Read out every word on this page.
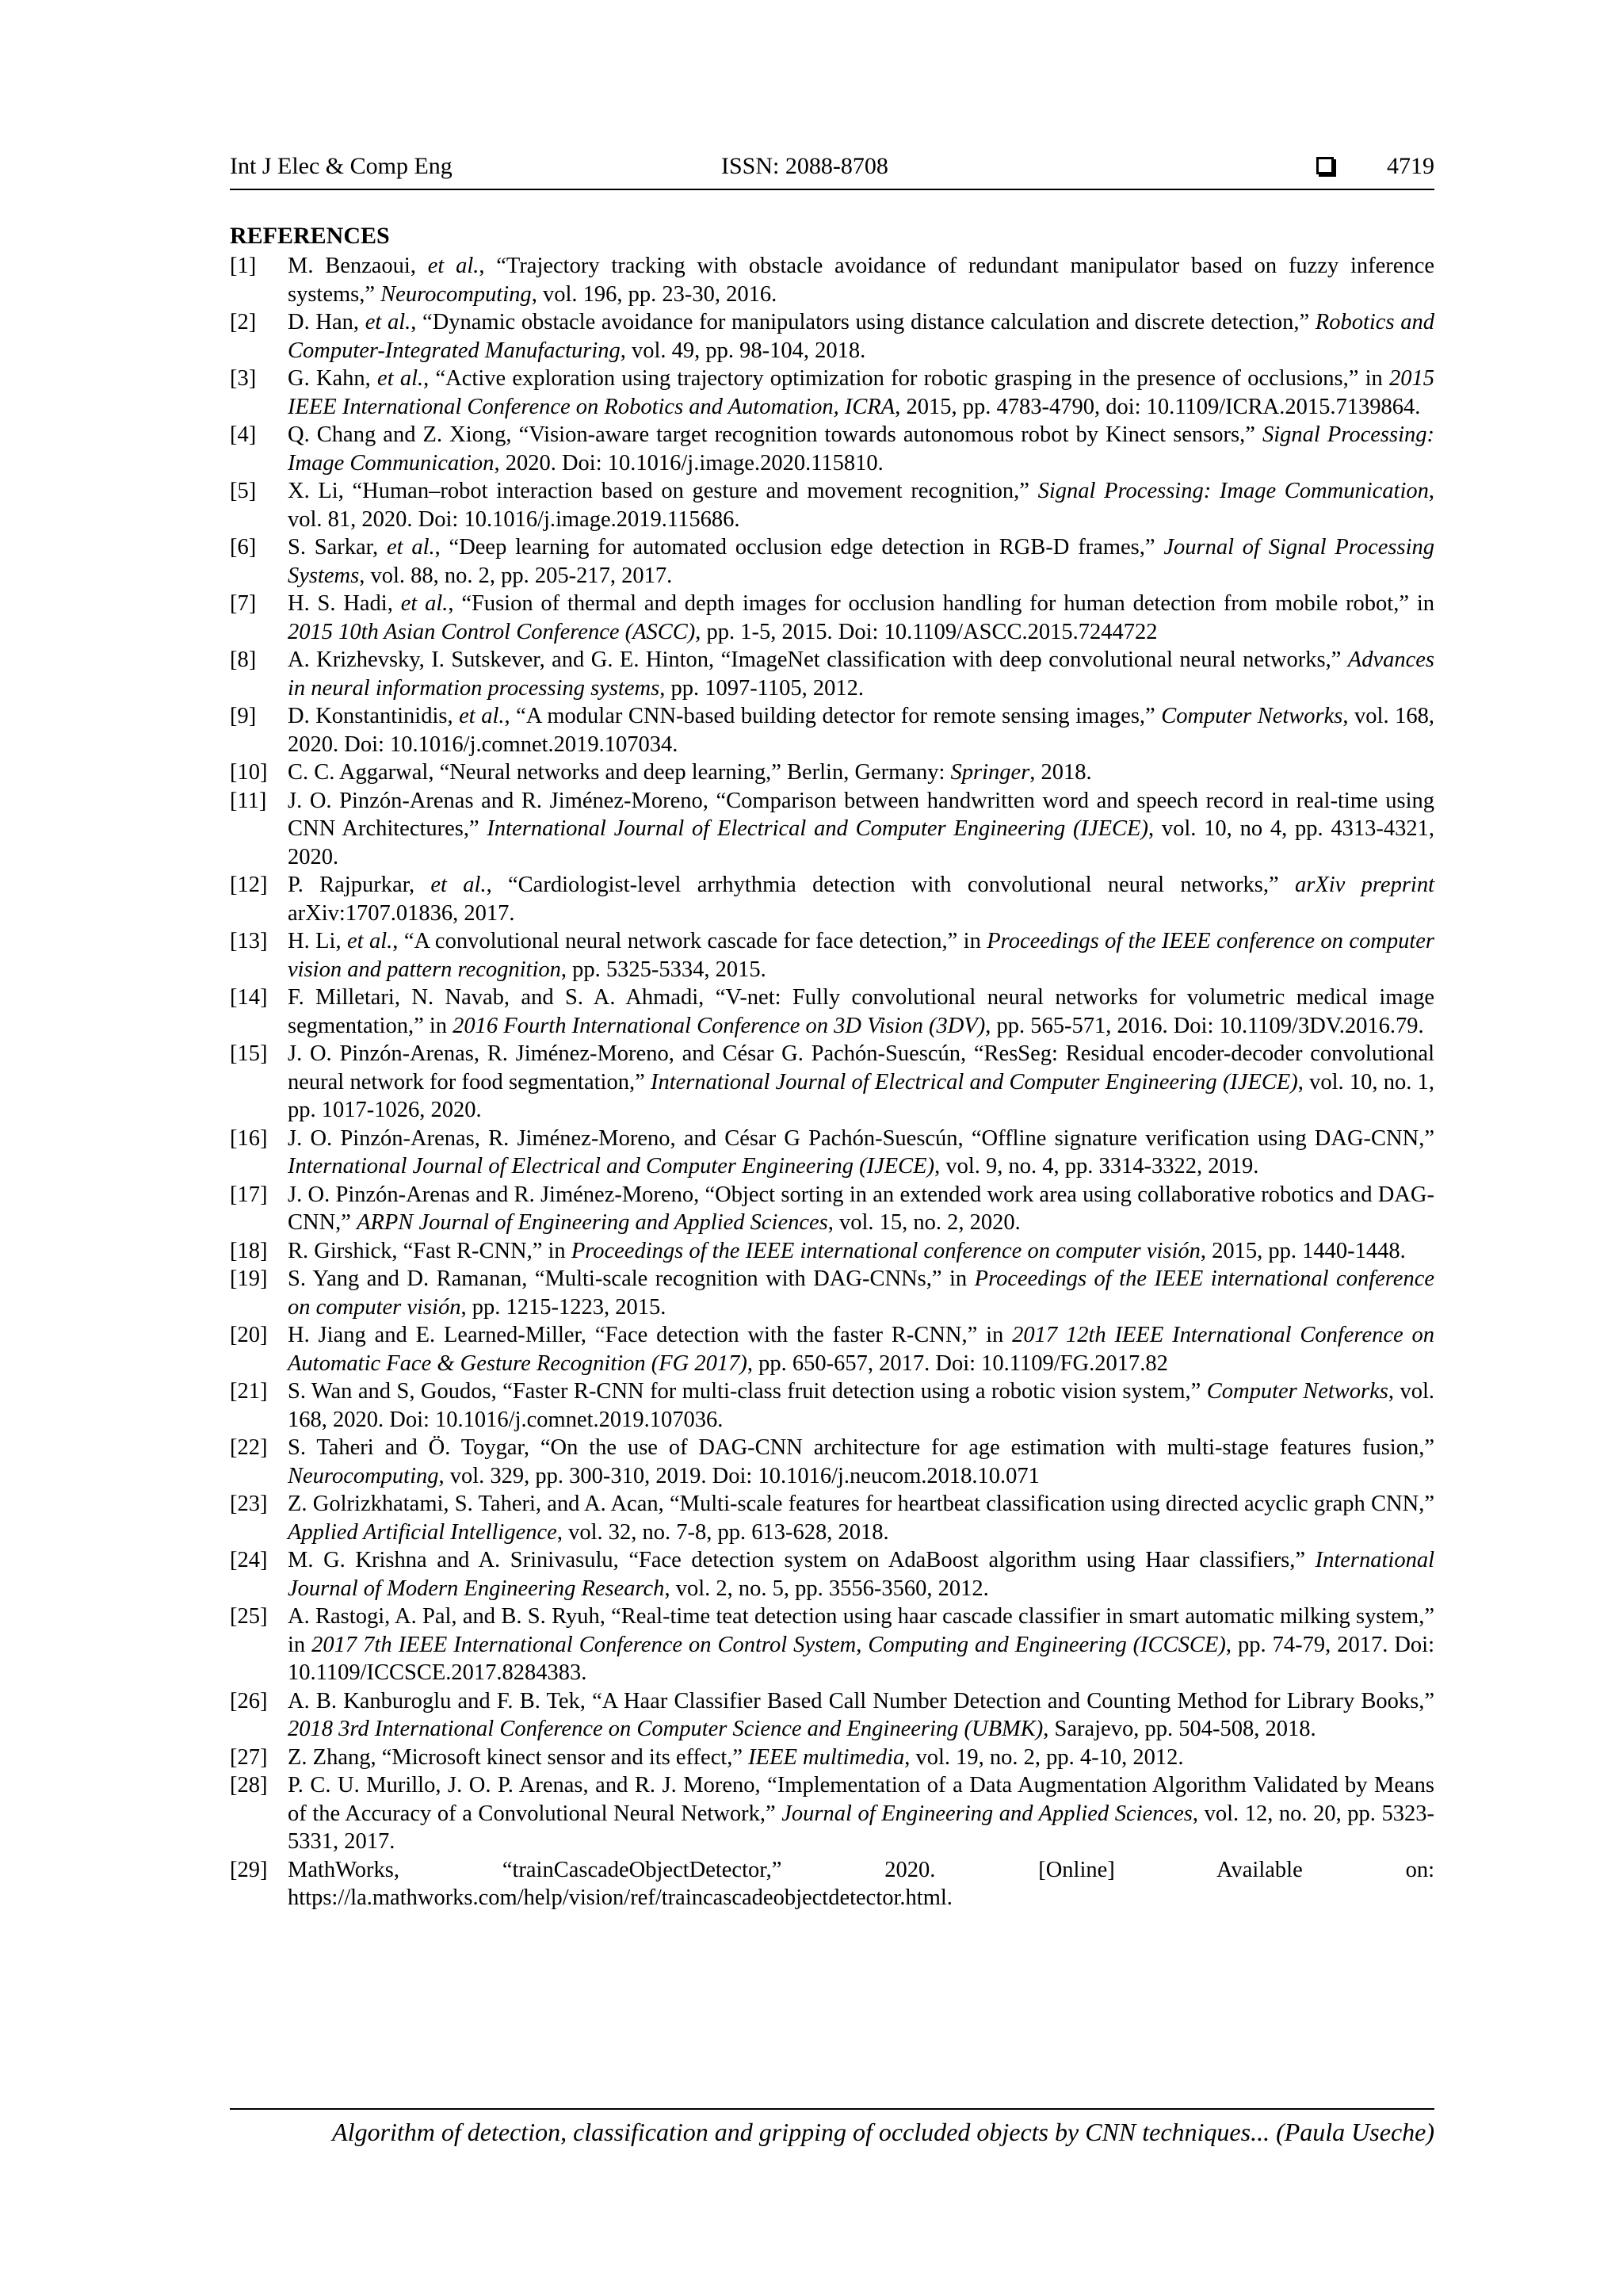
Int J Elec & Comp Eng	ISSN: 2088-8708	4719
REFERENCES
[1] M. Benzaoui, et al., “Trajectory tracking with obstacle avoidance of redundant manipulator based on fuzzy inference systems,” Neurocomputing, vol. 196, pp. 23-30, 2016.
[2] D. Han, et al., “Dynamic obstacle avoidance for manipulators using distance calculation and discrete detection,” Robotics and Computer-Integrated Manufacturing, vol. 49, pp. 98-104, 2018.
[3] G. Kahn, et al., “Active exploration using trajectory optimization for robotic grasping in the presence of occlusions,” in 2015 IEEE International Conference on Robotics and Automation, ICRA, 2015, pp. 4783-4790, doi: 10.1109/ICRA.2015.7139864.
[4] Q. Chang and Z. Xiong, “Vision-aware target recognition towards autonomous robot by Kinect sensors,” Signal Processing: Image Communication, 2020. Doi: 10.1016/j.image.2020.115810.
[5] X. Li, “Human–robot interaction based on gesture and movement recognition,” Signal Processing: Image Communication, vol. 81, 2020. Doi: 10.1016/j.image.2019.115686.
[6] S. Sarkar, et al., “Deep learning for automated occlusion edge detection in RGB-D frames,” Journal of Signal Processing Systems, vol. 88, no. 2, pp. 205-217, 2017.
[7] H. S. Hadi, et al., “Fusion of thermal and depth images for occlusion handling for human detection from mobile robot,” in 2015 10th Asian Control Conference (ASCC), pp. 1-5, 2015. Doi: 10.1109/ASCC.2015.7244722
[8] A. Krizhevsky, I. Sutskever, and G. E. Hinton, “ImageNet classification with deep convolutional neural networks,” Advances in neural information processing systems, pp. 1097-1105, 2012.
[9] D. Konstantinidis, et al., “A modular CNN-based building detector for remote sensing images,” Computer Networks, vol. 168, 2020. Doi: 10.1016/j.comnet.2019.107034.
[10] C. C. Aggarwal, “Neural networks and deep learning,” Berlin, Germany: Springer, 2018.
[11] J. O. Pinzón-Arenas and R. Jiménez-Moreno, “Comparison between handwritten word and speech record in real-time using CNN Architectures,” International Journal of Electrical and Computer Engineering (IJECE), vol. 10, no 4, pp. 4313-4321, 2020.
[12] P. Rajpurkar, et al., “Cardiologist-level arrhythmia detection with convolutional neural networks,” arXiv preprint arXiv:1707.01836, 2017.
[13] H. Li, et al., “A convolutional neural network cascade for face detection,” in Proceedings of the IEEE conference on computer vision and pattern recognition, pp. 5325-5334, 2015.
[14] F. Milletari, N. Navab, and S. A. Ahmadi, “V-net: Fully convolutional neural networks for volumetric medical image segmentation,” in 2016 Fourth International Conference on 3D Vision (3DV), pp. 565-571, 2016. Doi: 10.1109/3DV.2016.79.
[15] J. O. Pinzón-Arenas, R. Jiménez-Moreno, and César G. Pachón-Suescún, “ResSeg: Residual encoder-decoder convolutional neural network for food segmentation,” International Journal of Electrical and Computer Engineering (IJECE), vol. 10, no. 1, pp. 1017-1026, 2020.
[16] J. O. Pinzón-Arenas, R. Jiménez-Moreno, and César G Pachón-Suescún, “Offline signature verification using DAG-CNN,” International Journal of Electrical and Computer Engineering (IJECE), vol. 9, no. 4, pp. 3314-3322, 2019.
[17] J. O. Pinzón-Arenas and R. Jiménez-Moreno, “Object sorting in an extended work area using collaborative robotics and DAG-CNN,” ARPN Journal of Engineering and Applied Sciences, vol. 15, no. 2, 2020.
[18] R. Girshick, “Fast R-CNN,” in Proceedings of the IEEE international conference on computer visión, 2015, pp. 1440-1448.
[19] S. Yang and D. Ramanan, “Multi-scale recognition with DAG-CNNs,” in Proceedings of the IEEE international conference on computer visión, pp. 1215-1223, 2015.
[20] H. Jiang and E. Learned-Miller, “Face detection with the faster R-CNN,” in 2017 12th IEEE International Conference on Automatic Face & Gesture Recognition (FG 2017), pp. 650-657, 2017. Doi: 10.1109/FG.2017.82
[21] S. Wan and S, Goudos, “Faster R-CNN for multi-class fruit detection using a robotic vision system,” Computer Networks, vol. 168, 2020. Doi: 10.1016/j.comnet.2019.107036.
[22] S. Taheri and Ö. Toygar, “On the use of DAG-CNN architecture for age estimation with multi-stage features fusion,” Neurocomputing, vol. 329, pp. 300-310, 2019. Doi: 10.1016/j.neucom.2018.10.071
[23] Z. Golrizkhatami, S. Taheri, and A. Acan, “Multi-scale features for heartbeat classification using directed acyclic graph CNN,” Applied Artificial Intelligence, vol. 32, no. 7-8, pp. 613-628, 2018.
[24] M. G. Krishna and A. Srinivasulu, “Face detection system on AdaBoost algorithm using Haar classifiers,” International Journal of Modern Engineering Research, vol. 2, no. 5, pp. 3556-3560, 2012.
[25] A. Rastogi, A. Pal, and B. S. Ryuh, “Real-time teat detection using haar cascade classifier in smart automatic milking system,” in 2017 7th IEEE International Conference on Control System, Computing and Engineering (ICCSCE), pp. 74-79, 2017. Doi: 10.1109/ICCSCE.2017.8284383.
[26] A. B. Kanburoglu and F. B. Tek, “A Haar Classifier Based Call Number Detection and Counting Method for Library Books,” 2018 3rd International Conference on Computer Science and Engineering (UBMK), Sarajevo, pp. 504-508, 2018.
[27] Z. Zhang, “Microsoft kinect sensor and its effect,” IEEE multimedia, vol. 19, no. 2, pp. 4-10, 2012.
[28] P. C. U. Murillo, J. O. P. Arenas, and R. J. Moreno, “Implementation of a Data Augmentation Algorithm Validated by Means of the Accuracy of a Convolutional Neural Network,” Journal of Engineering and Applied Sciences, vol. 12, no. 20, pp. 5323-5331, 2017.
[29] MathWorks, “trainCascadeObjectDetector,” 2020. [Online] Available on:
https://la.mathworks.com/help/vision/ref/traincascadeobjectdetector.html.
Algorithm of detection, classification and gripping of occluded objects by CNN techniques... (Paula Useche)
